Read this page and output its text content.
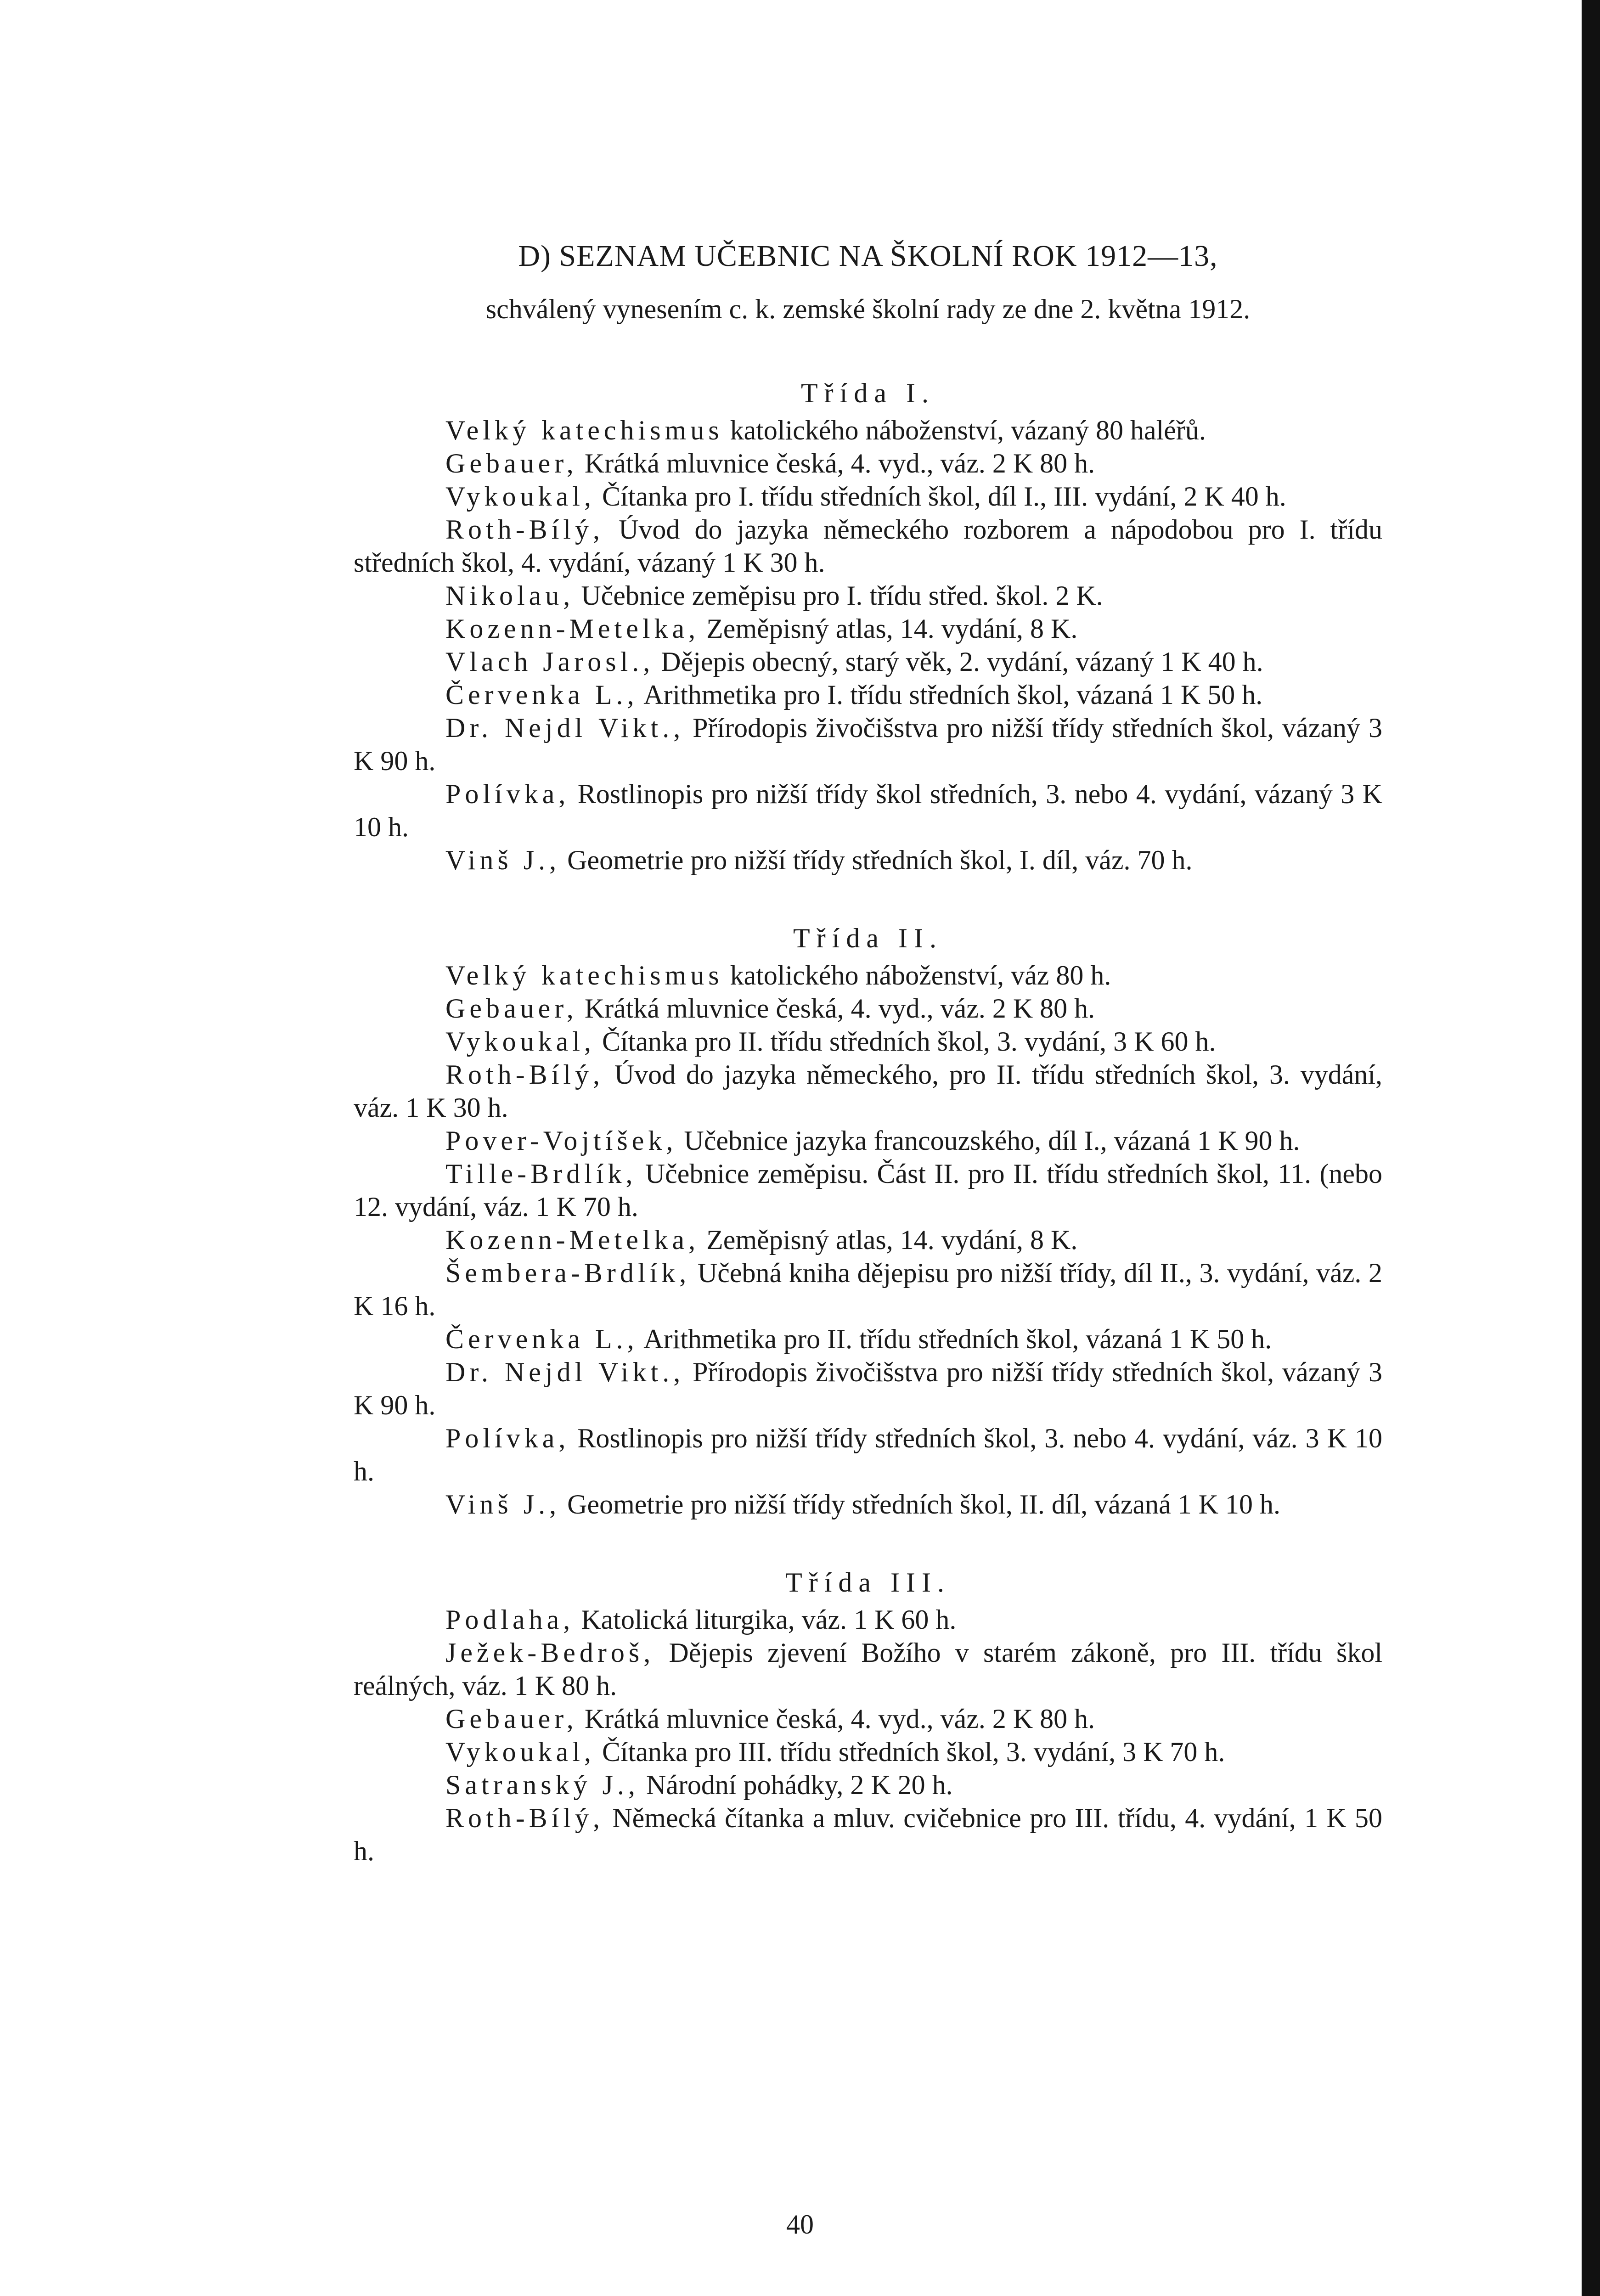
D) SEZNAM UČEBNIC NA ŠKOLNÍ ROK 1912—13,

schválený vynesením c. k. zemské školní rady ze dne 2. května 1912.

Třída I.

Velký katechismus katolického náboženství, vázaný 80 haléřů.

Gebauer, Krátká mluvnice česká, 4. vyd., váz. 2 K 80 h.

Vykoukal, Čítanka pro I. třídu středních škol, díl I., III. vydání, 2 K 40 h.

Roth-Bílý, Úvod do jazyka německého rozborem a nápodobou pro I. třídu středních škol, 4. vydání, vázaný 1 K 30 h.

Nikolau, Učebnice zeměpisu pro I. třídu střed. škol. 2 K.

Kozenn-Metelka, Zeměpisný atlas, 14. vydání, 8 K.

Vlach Jarosl., Dějepis obecný, starý věk, 2. vydání, vázaný 1 K 40 h.

Červenka L., Arithmetika pro I. třídu středních škol, vázaná 1 K 50 h.

Dr. Nejdl Vikt., Přírodopis živočišstva pro nižší třídy středních škol, vázaný 3 K 90 h.

Polívka, Rostlinopis pro nižší třídy škol středních, 3. nebo 4. vydání, vázaný 3 K 10 h.

Vinš J., Geometrie pro nižší třídy středních škol, I. díl, váz. 70 h.

Třída II.

Velký katechismus katolického náboženství, váz 80 h.

Gebauer, Krátká mluvnice česká, 4. vyd., váz. 2 K 80 h.

Vykoukal, Čítanka pro II. třídu středních škol, 3. vydání, 3 K 60 h.

Roth-Bílý, Úvod do jazyka německého, pro II. třídu středních škol, 3. vydání, váz. 1 K 30 h.

Pover-Vojtíšek, Učebnice jazyka francouzského, díl I., vázaná 1 K 90 h.

Tille-Brdlík, Učebnice zeměpisu. Část II. pro II. třídu středních škol, 11. (nebo 12. vydání, váz. 1 K 70 h.

Kozenn-Metelka, Zeměpisný atlas, 14. vydání, 8 K.

Šembera-Brdlík, Učebná kniha dějepisu pro nižší třídy, díl II., 3. vydání, váz. 2 K 16 h.

Červenka L., Arithmetika pro II. třídu středních škol, vázaná 1 K 50 h.

Dr. Nejdl Vikt., Přírodopis živočišstva pro nižší třídy středních škol, vázaný 3 K 90 h.

Polívka, Rostlinopis pro nižší třídy středních škol, 3. nebo 4. vydání, váz. 3 K 10 h.

Vinš J., Geometrie pro nižší třídy středních škol, II. díl, vázaná 1 K 10 h.

Třída III.

Podlaha, Katolická liturgika, váz. 1 K 60 h.

Ježek-Bedroš, Dějepis zjevení Božího v starém zákoně, pro III. třídu škol reálných, váz. 1 K 80 h.

Gebauer, Krátká mluvnice česká, 4. vyd., váz. 2 K 80 h.

Vykoukal, Čítanka pro III. třídu středních škol, 3. vydání, 3 K 70 h.

Satranský J., Národní pohádky, 2 K 20 h.

Roth-Bílý, Německá čítanka a mluv. cvičebnice pro III. třídu, 4. vydání, 1 K 50 h.

40
